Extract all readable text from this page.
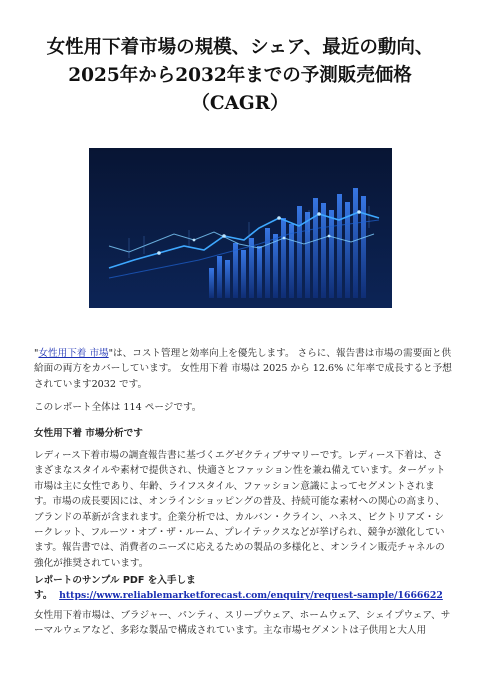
女性用下着市場の規模、シェア、最近の動向、
2025年から2032年までの予測販売価格
（CAGR）
"女性用下着 市場"は、コスト管理と効率向上を優先します。 さらに、報告書は市場の需要面と供給面の両方をカバーしています。 女性用下着 市場は 2025 から 12.6% に年率で成長すると予想されています2032 です。
このレポート全体は 114 ページです。
女性用下着 市場分析です
レディース下着市場の調査報告書に基づくエグゼクティブサマリーです。レディース下着は、さまざまなスタイルや素材で提供され、快適さとファッション性を兼ね備えています。ターゲット市場は主に女性であり、年齢、ライフスタイル、ファッション意識によってセグメントされます。市場の成長要因には、オンラインショッピングの普及、持続可能な素材への関心の高まり、ブランドの革新が含まれます。企業分析では、カルバン・クライン、ハネス、ビクトリアズ・シークレット、フルーツ・オブ・ザ・ルーム、プレイテックスなどが挙げられ、競争が激化しています。報告書では、消費者のニーズに応えるための製品の多様化と、オンライン販売チャネルの強化が推奨されています。
レポートのサンプル PDF を入手しま
す。 https://www.reliablemarketforecast.com/enquiry/request-sample/1666622
女性用下着市場は、ブラジャー、パンティ、スリープウェア、ホームウェア、シェイプウェア、サーマルウェアなど、多彩な製品で構成されています。主な市場セグメントは子供用と大人用
